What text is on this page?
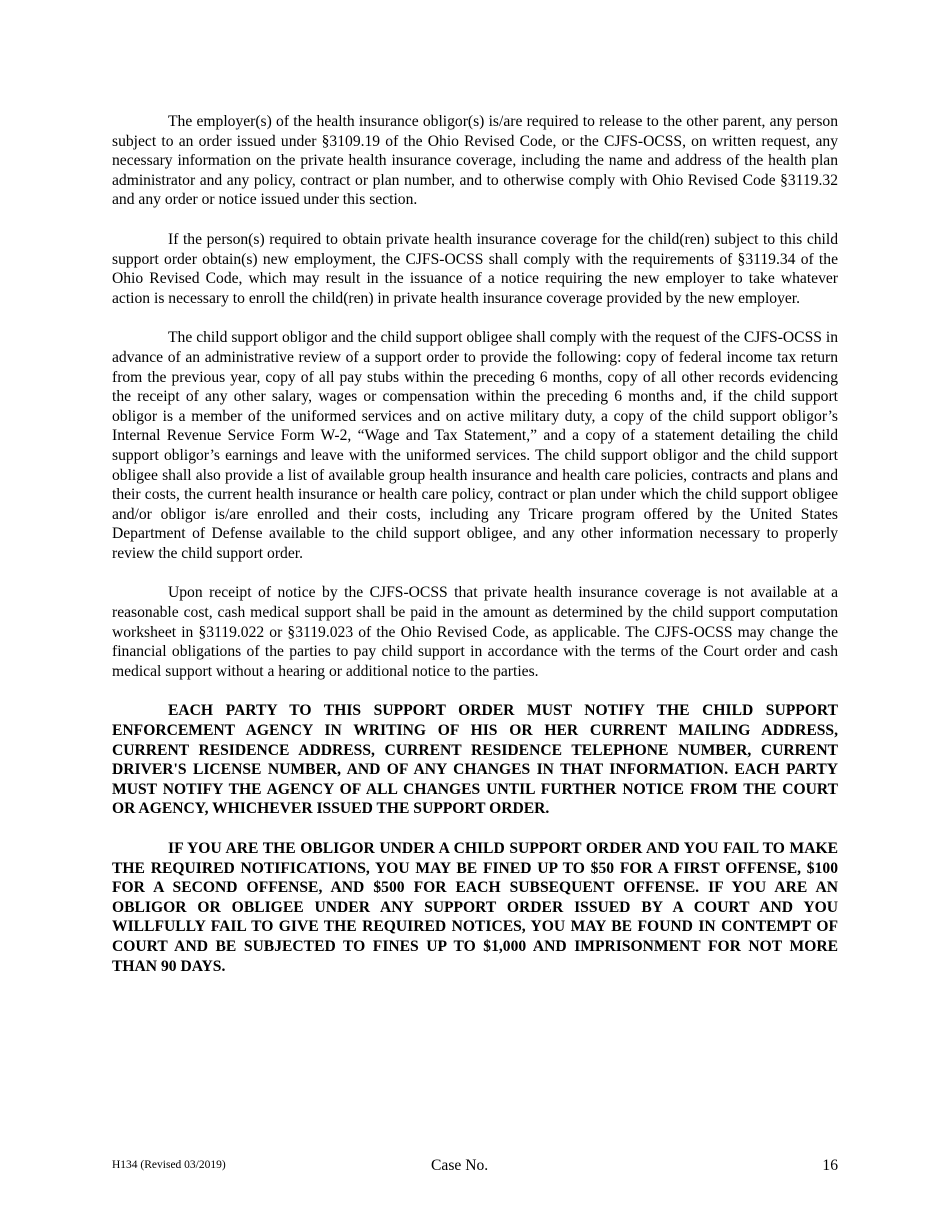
The employer(s) of the health insurance obligor(s) is/are required to release to the other parent, any person subject to an order issued under §3109.19 of the Ohio Revised Code, or the CJFS-OCSS, on written request, any necessary information on the private health insurance coverage, including the name and address of the health plan administrator and any policy, contract or plan number, and to otherwise comply with Ohio Revised Code §3119.32 and any order or notice issued under this section.

If the person(s) required to obtain private health insurance coverage for the child(ren) subject to this child support order obtain(s) new employment, the CJFS-OCSS shall comply with the requirements of §3119.34 of the Ohio Revised Code, which may result in the issuance of a notice requiring the new employer to take whatever action is necessary to enroll the child(ren) in private health insurance coverage provided by the new employer.

The child support obligor and the child support obligee shall comply with the request of the CJFS-OCSS in advance of an administrative review of a support order to provide the following: copy of federal income tax return from the previous year, copy of all pay stubs within the preceding 6 months, copy of all other records evidencing the receipt of any other salary, wages or compensation within the preceding 6 months and, if the child support obligor is a member of the uniformed services and on active military duty, a copy of the child support obligor’s Internal Revenue Service Form W-2, “Wage and Tax Statement,” and a copy of a statement detailing the child support obligor’s earnings and leave with the uniformed services. The child support obligor and the child support obligee shall also provide a list of available group health insurance and health care policies, contracts and plans and their costs, the current health insurance or health care policy, contract or plan under which the child support obligee and/or obligor is/are enrolled and their costs, including any Tricare program offered by the United States Department of Defense available to the child support obligee, and any other information necessary to properly review the child support order.

Upon receipt of notice by the CJFS-OCSS that private health insurance coverage is not available at a reasonable cost, cash medical support shall be paid in the amount as determined by the child support computation worksheet in §3119.022 or §3119.023 of the Ohio Revised Code, as applicable. The CJFS-OCSS may change the financial obligations of the parties to pay child support in accordance with the terms of the Court order and cash medical support without a hearing or additional notice to the parties.

EACH PARTY TO THIS SUPPORT ORDER MUST NOTIFY THE CHILD SUPPORT ENFORCEMENT AGENCY IN WRITING OF HIS OR HER CURRENT MAILING ADDRESS, CURRENT RESIDENCE ADDRESS, CURRENT RESIDENCE TELEPHONE NUMBER, CURRENT DRIVER'S LICENSE NUMBER, AND OF ANY CHANGES IN THAT INFORMATION. EACH PARTY MUST NOTIFY THE AGENCY OF ALL CHANGES UNTIL FURTHER NOTICE FROM THE COURT OR AGENCY, WHICHEVER ISSUED THE SUPPORT ORDER.

IF YOU ARE THE OBLIGOR UNDER A CHILD SUPPORT ORDER AND YOU FAIL TO MAKE THE REQUIRED NOTIFICATIONS, YOU MAY BE FINED UP TO $50 FOR A FIRST OFFENSE, $100 FOR A SECOND OFFENSE, AND $500 FOR EACH SUBSEQUENT OFFENSE. IF YOU ARE AN OBLIGOR OR OBLIGEE UNDER ANY SUPPORT ORDER ISSUED BY A COURT AND YOU WILLFULLY FAIL TO GIVE THE REQUIRED NOTICES, YOU MAY BE FOUND IN CONTEMPT OF COURT AND BE SUBJECTED TO FINES UP TO $1,000 AND IMPRISONMENT FOR NOT MORE THAN 90 DAYS.

H134 (Revised 03/2019)	Case No.	16
